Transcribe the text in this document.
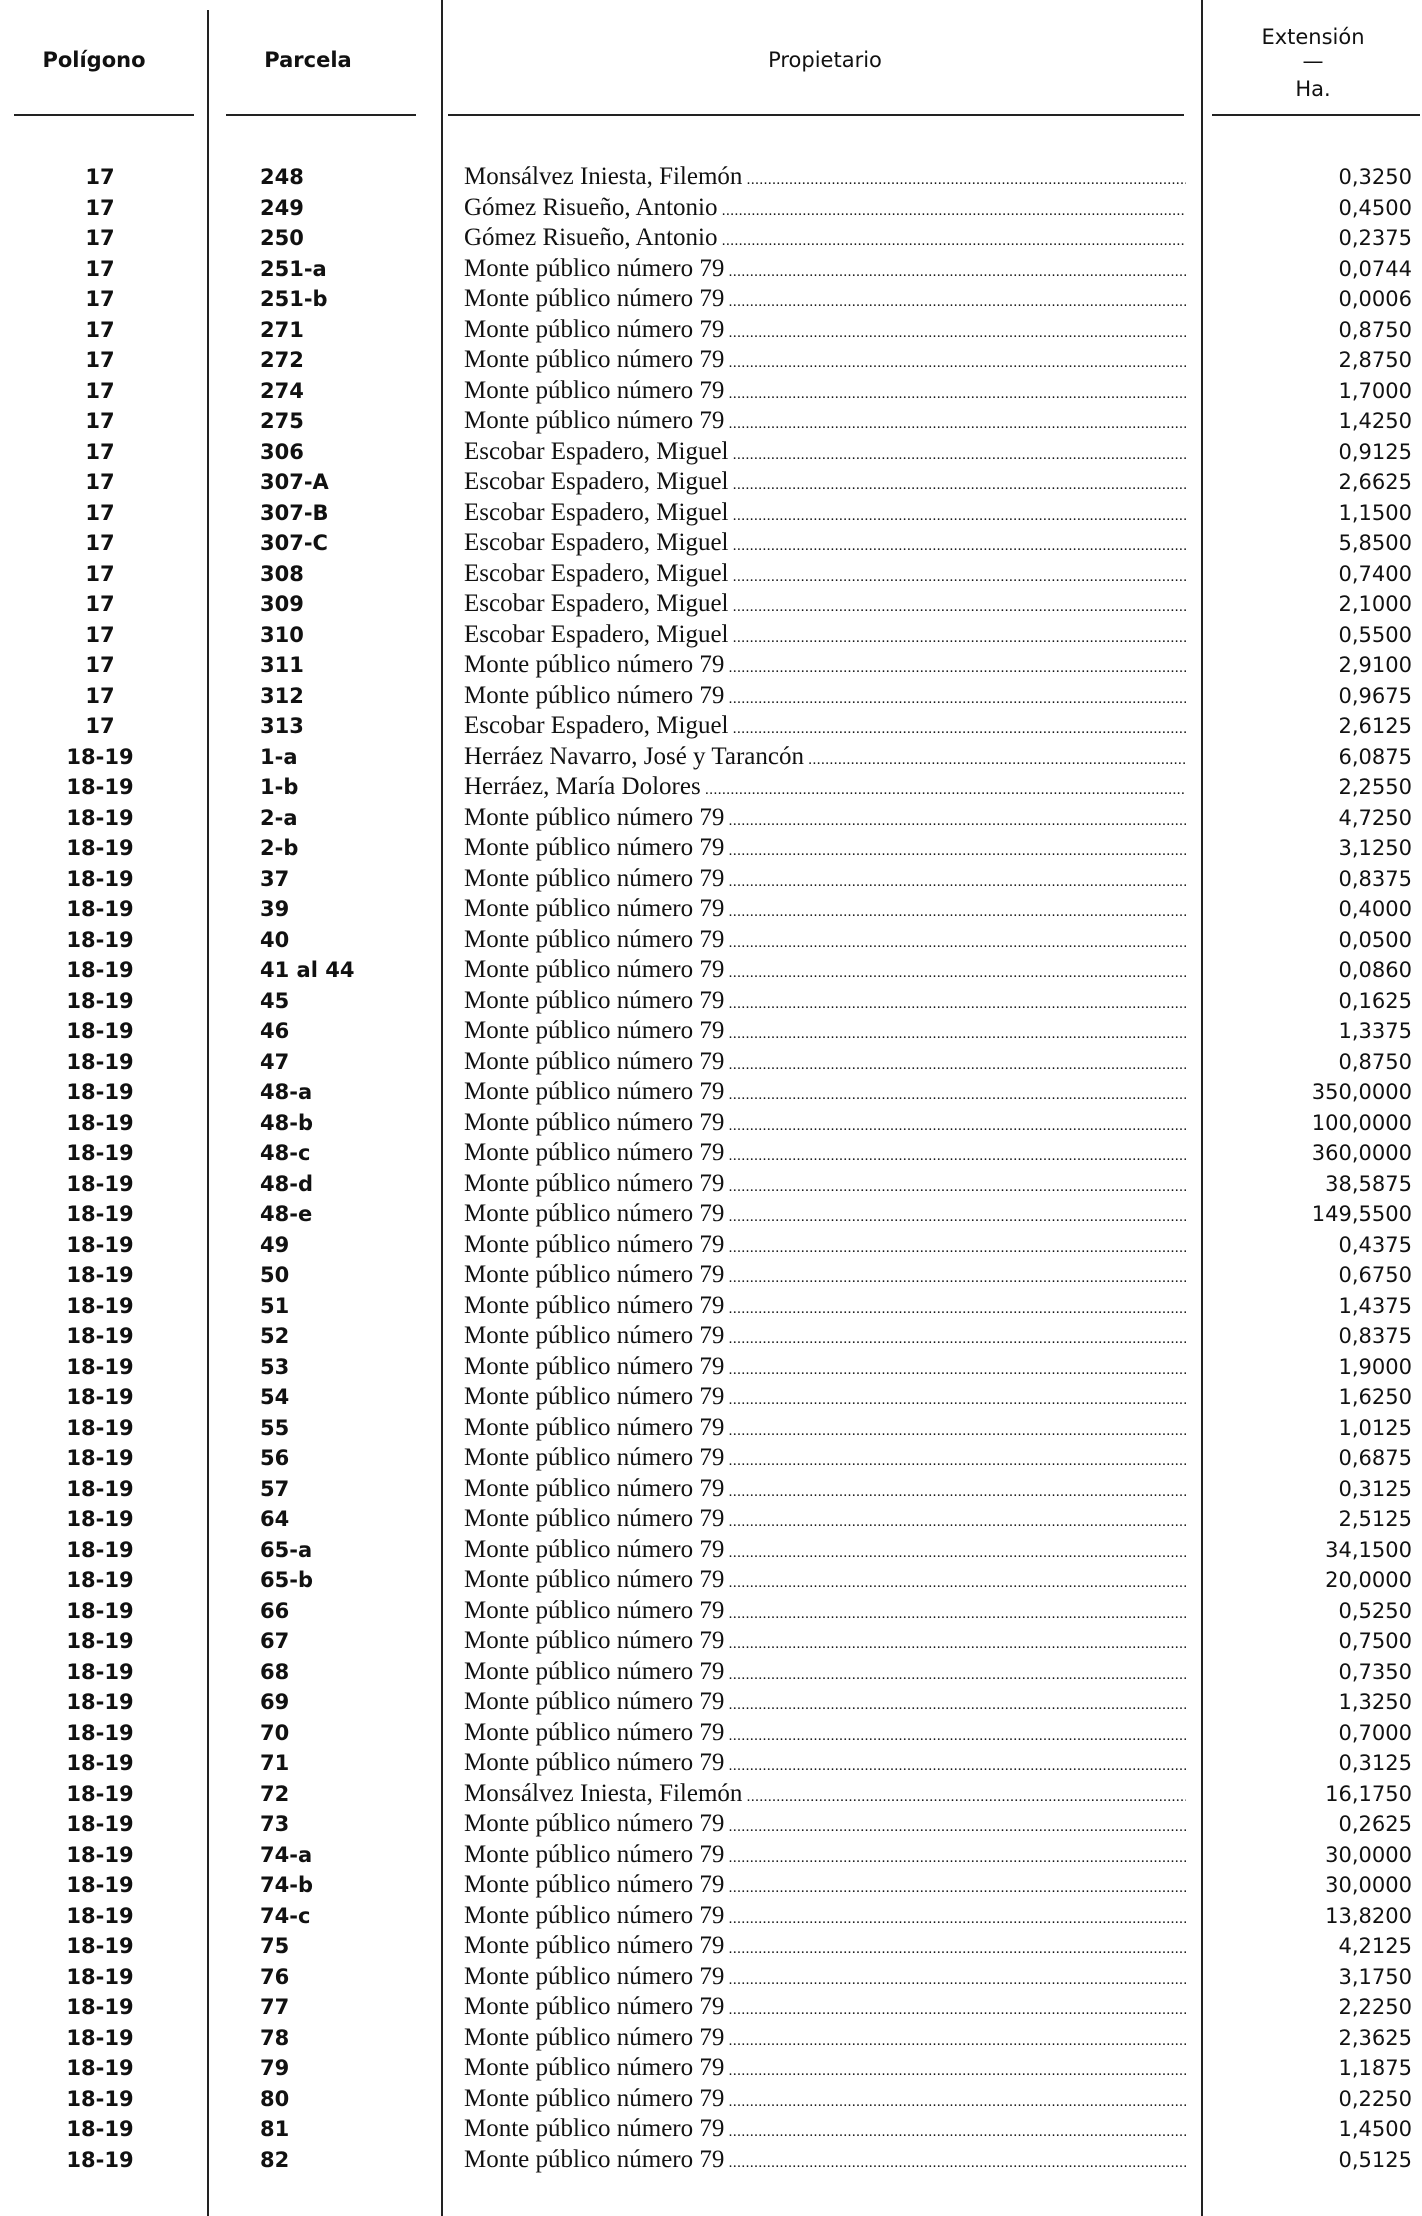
Polígono	Parcela	Propietario
Extensión
—
Ha.
17	248	Monsálvez Iniesta, Filemón .....	0,3250
17	249	Gómez Risueño, Antonio .....	0,4500
17	250	Gómez Risueño, Antonio .....	0,2375
17	251-a	Monte público número 79 .....	0,0744
17	251-b	Monte público número 79 .....	0,0006
17	271	Monte público número 79 .....	0,8750
17	272	Monte público número 79 .....	2,8750
17	274	Monte público número 79 .....	1,7000
17	275	Monte público número 79 .....	1,4250
17	306	Escobar Espadero, Miguel .....	0,9125
17	307-A	Escobar Espadero, Miguel .....	2,6625
17	307-B	Escobar Espadero, Miguel .....	1,1500
17	307-C	Escobar Espadero, Miguel .....	5,8500
17	308	Escobar Espadero, Miguel .....	0,7400
17	309	Escobar Espadero, Miguel .....	2,1000
17	310	Escobar Espadero, Miguel .....	0,5500
17	311	Monte público número 79 .....	2,9100
17	312	Monte público número 79 .....	0,9675
17	313	Escobar Espadero, Miguel .....	2,6125
18-19	1-a	Herráez Navarro, José y Tarancón .....	6,0875
18-19	1-b	Herráez, María Dolores .....	2,2550
18-19	2-a	Monte público número 79 .....	4,7250
18-19	2-b	Monte público número 79 .....	3,1250
18-19	37	Monte público número 79 .....	0,8375
18-19	39	Monte público número 79 .....	0,4000
18-19	40	Monte público número 79 .....	0,0500
18-19	41 al 44	Monte público número 79 .....	0,0860
18-19	45	Monte público número 79 .....	0,1625
18-19	46	Monte público número 79 .....	1,3375
18-19	47	Monte público número 79 .....	0,8750
18-19	48-a	Monte público número 79 .....	350,0000
18-19	48-b	Monte público número 79 .....	100,0000
18-19	48-c	Monte público número 79 .....	360,0000
18-19	48-d	Monte público número 79 .....	38,5875
18-19	48-e	Monte público número 79 .....	149,5500
18-19	49	Monte público número 79 .....	0,4375
18-19	50	Monte público número 79 .....	0,6750
18-19	51	Monte público número 79 .....	1,4375
18-19	52	Monte público número 79 .....	0,8375
18-19	53	Monte público número 79 .....	1,9000
18-19	54	Monte público número 79 .....	1,6250
18-19	55	Monte público número 79 .....	1,0125
18-19	56	Monte público número 79 .....	0,6875
18-19	57	Monte público número 79 .....	0,3125
18-19	64	Monte público número 79 .....	2,5125
18-19	65-a	Monte público número 79 .....	34,1500
18-19	65-b	Monte público número 79 .....	20,0000
18-19	66	Monte público número 79 .....	0,5250
18-19	67	Monte público número 79 .....	0,7500
18-19	68	Monte público número 79 .....	0,7350
18-19	69	Monte público número 79 .....	1,3250
18-19	70	Monte público número 79 .....	0,7000
18-19	71	Monte público número 79 .....	0,3125
18-19	72	Monsálvez Iniesta, Filemón .....	16,1750
18-19	73	Monte público número 79 .....	0,2625
18-19	74-a	Monte público número 79 .....	30,0000
18-19	74-b	Monte público número 79 .....	30,0000
18-19	74-c	Monte público número 79 .....	13,8200
18-19	75	Monte público número 79 .....	4,2125
18-19	76	Monte público número 79 .....	3,1750
18-19	77	Monte público número 79 .....	2,2250
18-19	78	Monte público número 79 .....	2,3625
18-19	79	Monte público número 79 .....	1,1875
18-19	80	Monte público número 79 .....	0,2250
18-19	81	Monte público número 79 .....	1,4500
18-19	82	Monte público número 79 .....	0,5125
